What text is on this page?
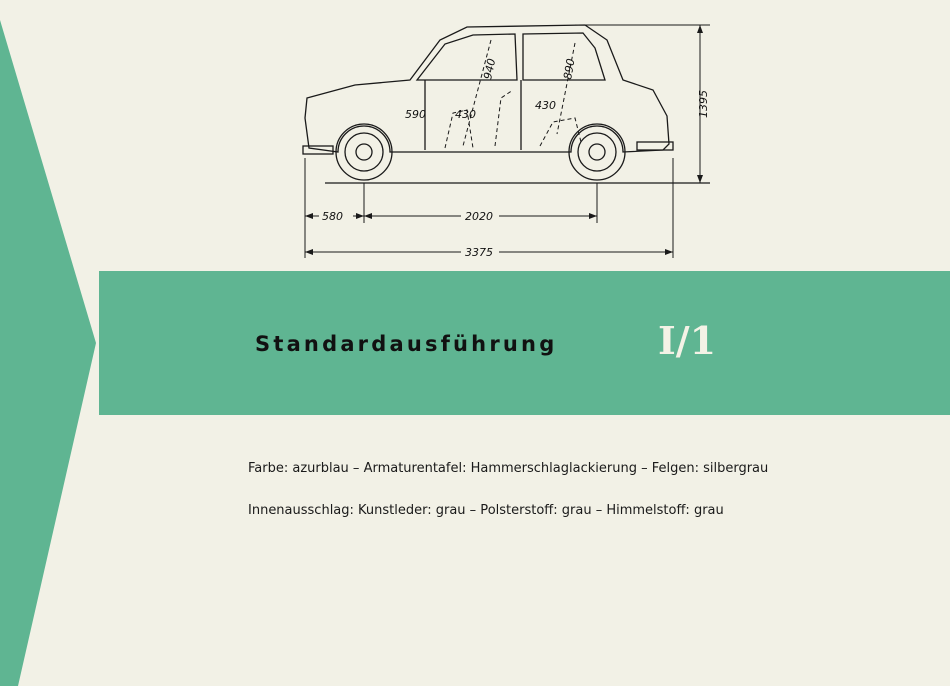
580	2020
3375
1395
940	890
590	430
430
Standardausführung	I/1
Farbe: azurblau – Armaturentafel: Hammerschlaglackierung – Felgen: silbergrau
Innenausschlag: Kunstleder: grau – Polsterstoff: grau – Himmelstoff: grau
